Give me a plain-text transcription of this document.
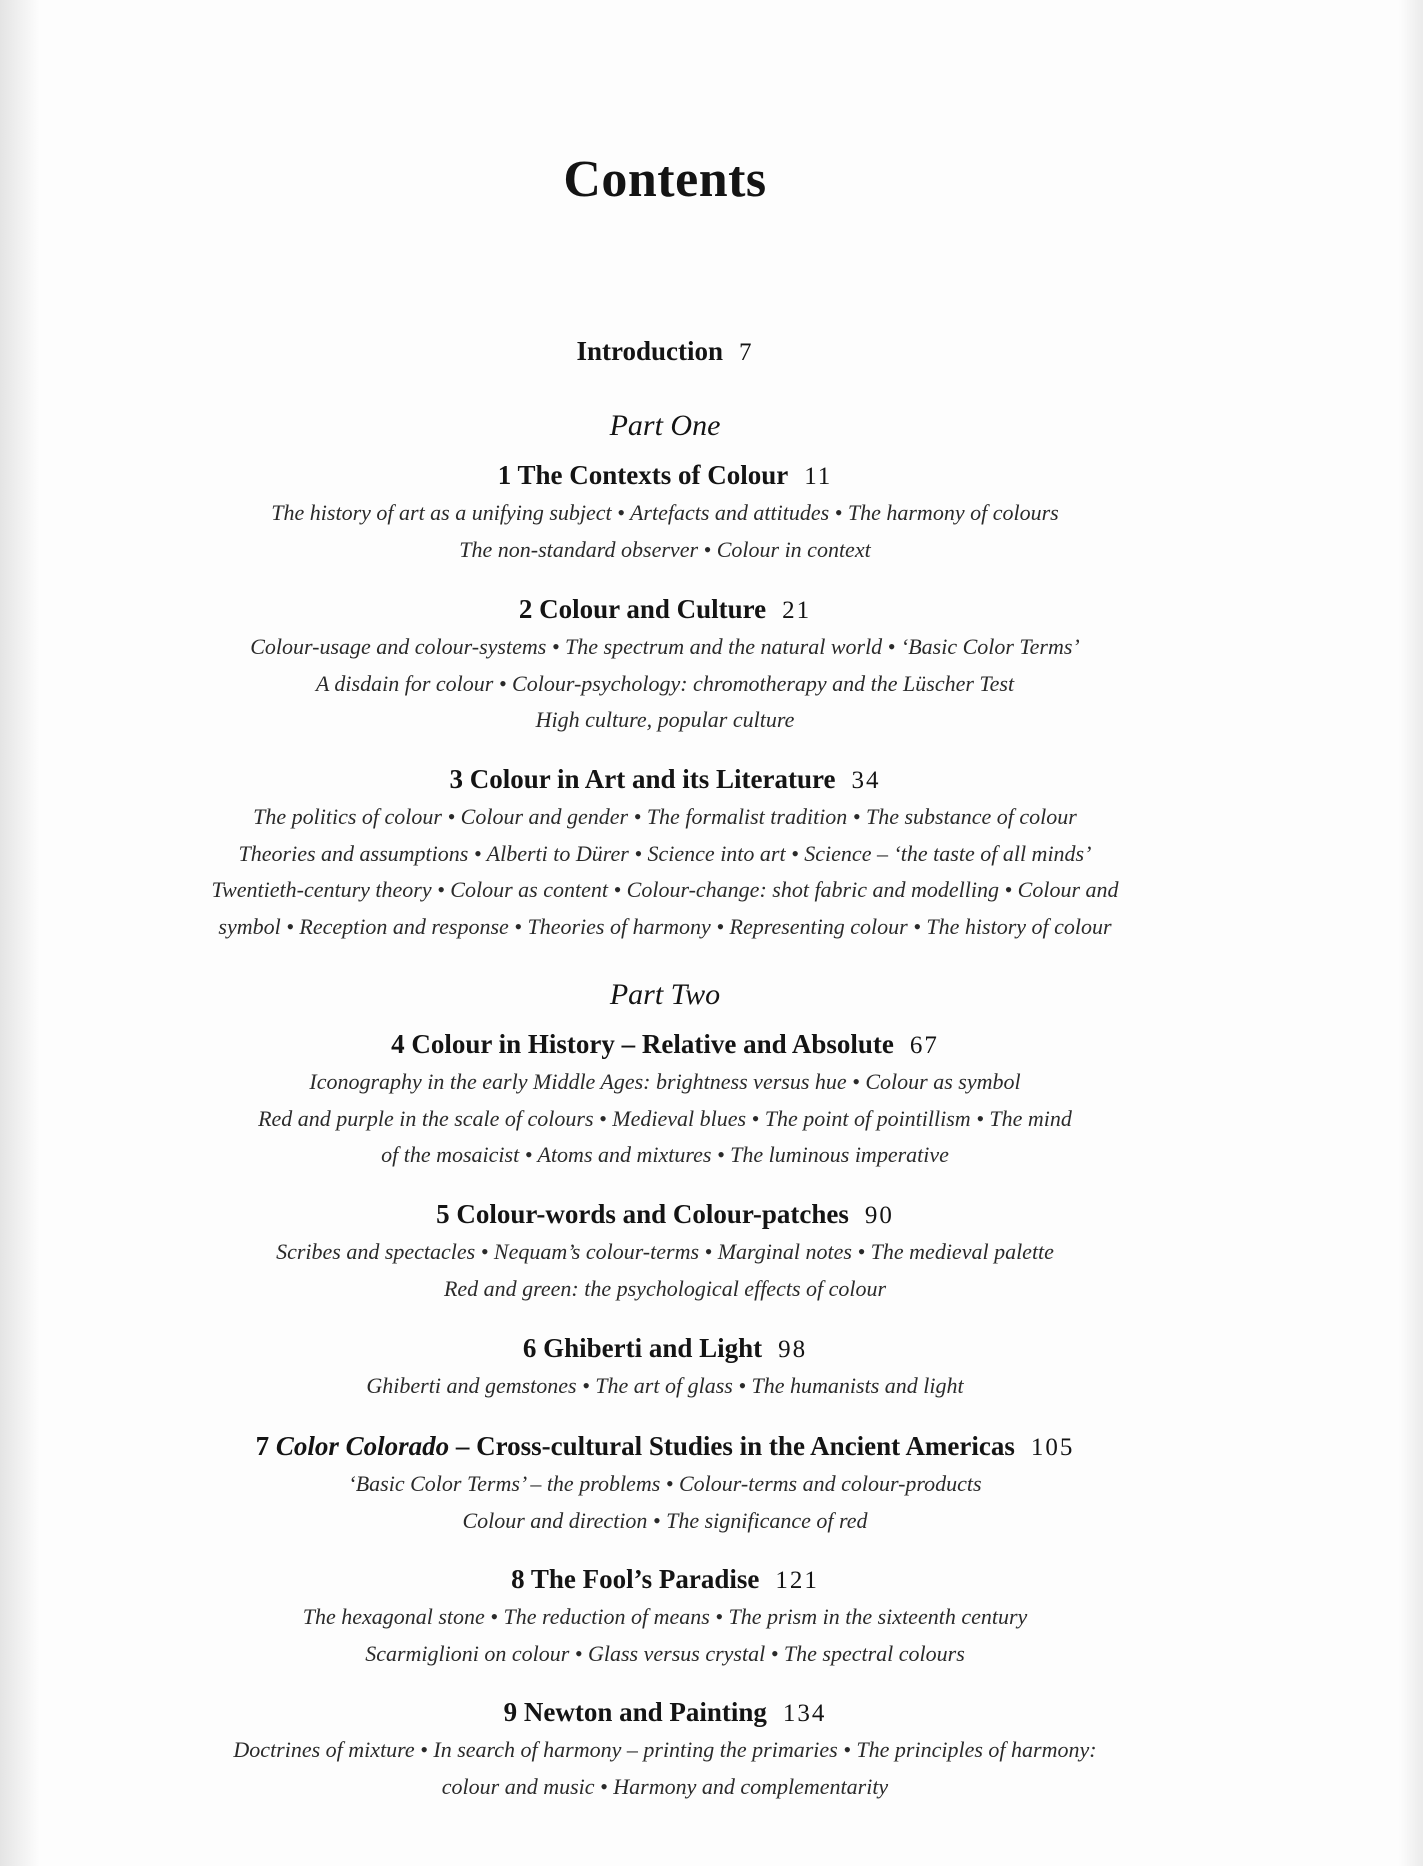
Contents
Introduction 7
Part One
1 The Contexts of Colour 11

The history of art as a unifying subject • Artefacts and attitudes • The harmony of colours

The non-standard observer • Colour in context

2 Colour and Culture 21

Colour-usage and colour-systems • The spectrum and the natural world • ‘Basic Color Terms’

A disdain for colour • Colour-psychology: chromotherapy and the Lüscher Test

High culture, popular culture

3 Colour in Art and its Literature 34

The politics of colour • Colour and gender • The formalist tradition • The substance of colour

Theories and assumptions • Alberti to Dürer • Science into art • Science – ‘the taste of all minds’

Twentieth-century theory • Colour as content • Colour-change: shot fabric and modelling • Colour and

symbol • Reception and response • Theories of harmony • Representing colour • The history of colour

Part Two
4 Colour in History – Relative and Absolute 67

Iconography in the early Middle Ages: brightness versus hue • Colour as symbol

Red and purple in the scale of colours • Medieval blues • The point of pointillism • The mind

of the mosaicist • Atoms and mixtures • The luminous imperative

5 Colour-words and Colour-patches 90

Scribes and spectacles • Nequam’s colour-terms • Marginal notes • The medieval palette

Red and green: the psychological effects of colour

6 Ghiberti and Light 98

Ghiberti and gemstones • The art of glass • The humanists and light

7 Color Colorado – Cross-cultural Studies in the Ancient Americas 105

‘Basic Color Terms’ – the problems • Colour-terms and colour-products

Colour and direction • The significance of red

8 The Fool’s Paradise 121

The hexagonal stone • The reduction of means • The prism in the sixteenth century

Scarmiglioni on colour • Glass versus crystal • The spectral colours

9 Newton and Painting 134

Doctrines of mixture • In search of harmony – printing the primaries • The principles of harmony:

colour and music • Harmony and complementarity
